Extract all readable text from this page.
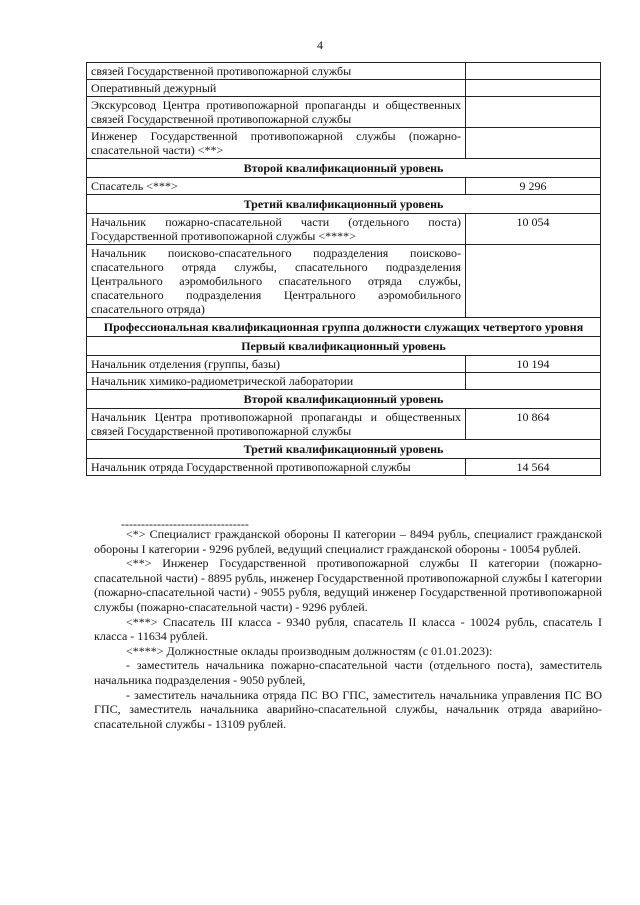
4
связей Государственной противопожарной службы	
Оперативный дежурный	
Экскурсовод Центра противопожарной пропаганды и общественных связей Государственной противопожарной службы	
Инженер Государственной противопожарной службы (пожарно-спасательной части) <**>	
Второй квалификационный уровень	
Спасатель <***>	9 296
Третий квалификационный уровень	
Начальник пожарно-спасательной части (отдельного поста) Государственной противопожарной службы <****>	10 054
Начальник поисково-спасательного подразделения поисково-спасательного отряда службы, спасательного подразделения Центрального аэромобильного спасательного отряда службы, спасательного подразделения Центрального аэромобильного спасательного отряда)	
Профессиональная квалификационная группа должности служащих четвертого уровня	
Первый квалификационный уровень	
Начальник отделения (группы, базы)	10 194
Начальник химико-радиометрической лаборатории	
Второй квалификационный уровень	
Начальник Центра противопожарной пропаганды и общественных связей Государственной противопожарной службы	10 864
Третий квалификационный уровень	
Начальник отряда Государственной противопожарной службы	14 564
--------------------------------

<*> Специалист гражданской обороны II категории – 8494 рубль, специалист гражданской обороны I категории - 9296 рублей, ведущий специалист гражданской обороны - 10054 рублей.

<**> Инженер Государственной противопожарной службы II категории (пожарно-спасательной части) - 8895 рубль, инженер Государственной противопожарной службы I категории (пожарно-спасательной части) - 9055 рубля, ведущий инженер Государственной противопожарной службы (пожарно-спасательной части) - 9296 рублей.

<***> Спасатель III класса - 9340 рубля, спасатель II класса - 10024 рубль, спасатель I класса - 11634 рублей.

<****> Должностные оклады производным должностям (с 01.01.2023):

- заместитель начальника пожарно-спасательной части (отдельного поста), заместитель начальника подразделения - 9050 рублей,

- заместитель начальника отряда ПС ВО ГПС, заместитель начальника управления ПС ВО ГПС, заместитель начальника аварийно-спасательной службы, начальник отряда аварийно-спасательной службы - 13109 рублей.
